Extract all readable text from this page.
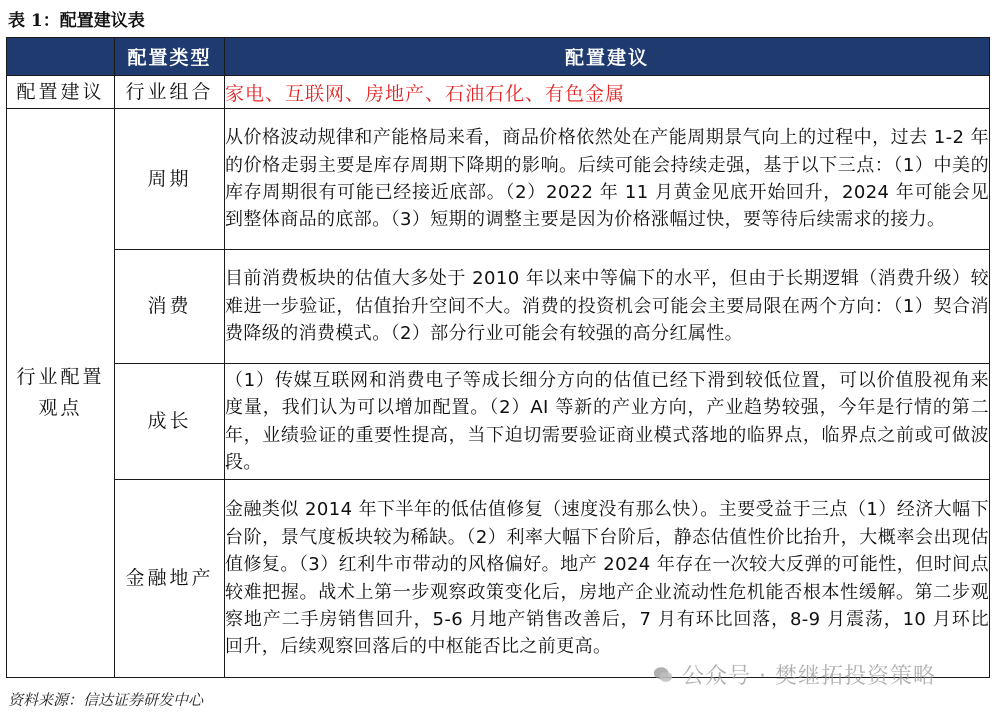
表 1：配置建议表
	配置类型	配置建议
配置建议	行业组合	家电、互联网、房地产、石油石化、有色金属

行业配置观点	周期	从价格波动规律和产能格局来看，商品价格依然处在产能周期景气向上的过程中，过去 1-2 年的价格走弱主要是库存周期下降期的影响。后续可能会持续走强，基于以下三点：（1）中美的库存周期很有可能已经接近底部。（2）2022 年 11 月黄金见底开始回升，2024 年可能会见到整体商品的底部。（3）短期的调整主要是因为价格涨幅过快，要等待后续需求的接力。
	消费	目前消费板块的估值大多处于 2010 年以来中等偏下的水平，但由于长期逻辑（消费升级）较难进一步验证，估值抬升空间不大。消费的投资机会可能会主要局限在两个方向：（1）契合消费降级的消费模式。（2）部分行业可能会有较强的高分红属性。
	成长	（1）传媒互联网和消费电子等成长细分方向的估值已经下滑到较低位置，可以价值股视角来度量，我们认为可以增加配置。（2）AI 等新的产业方向，产业趋势较强，今年是行情的第二年，业绩验证的重要性提高，当下迫切需要验证商业模式落地的临界点，临界点之前或可做波段。
	金融地产	金融类似 2014 年下半年的低估值修复（速度没有那么快）。主要受益于三点（1）经济大幅下台阶，景气度板块较为稀缺。（2）利率大幅下台阶后，静态估值性价比抬升，大概率会出现估值修复。（3）红利牛市带动的风格偏好。地产 2024 年存在一次较大反弹的可能性，但时间点较难把握。战术上第一步观察政策变化后，房地产企业流动性危机能否根本性缓解。第二步观察地产二手房销售回升，5-6 月地产销售改善后，7 月有环比回落，8-9 月震荡，10 月环比回升，后续观察回落后的中枢能否比之前更高。
资料来源：信达证券研发中心
公众号 · 樊继拓投资策略
